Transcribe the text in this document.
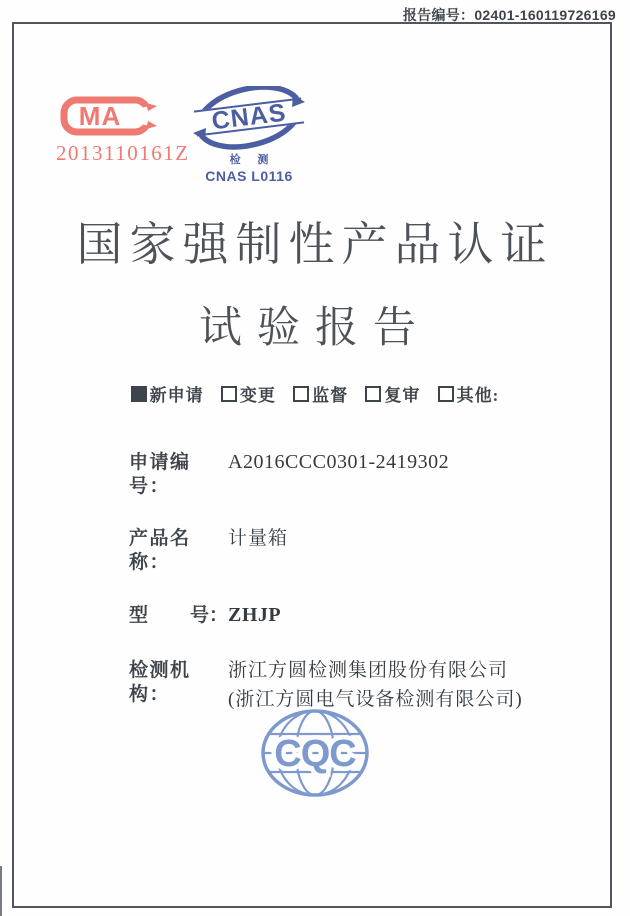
报告编号：02401-160119726169
MA
2013110161Z
CNAS
检 测
CNAS L0116
国家强制性产品认证
试验报告
新申请 变更 监督 复审 其他:
申请编号：
A2016CCC0301-2419302
产品名称：
计量箱
型 号： ZHJP
检测机构：
浙江方圆检测集团股份有限公司
(浙江方圆电气设备检测有限公司)
CQC
